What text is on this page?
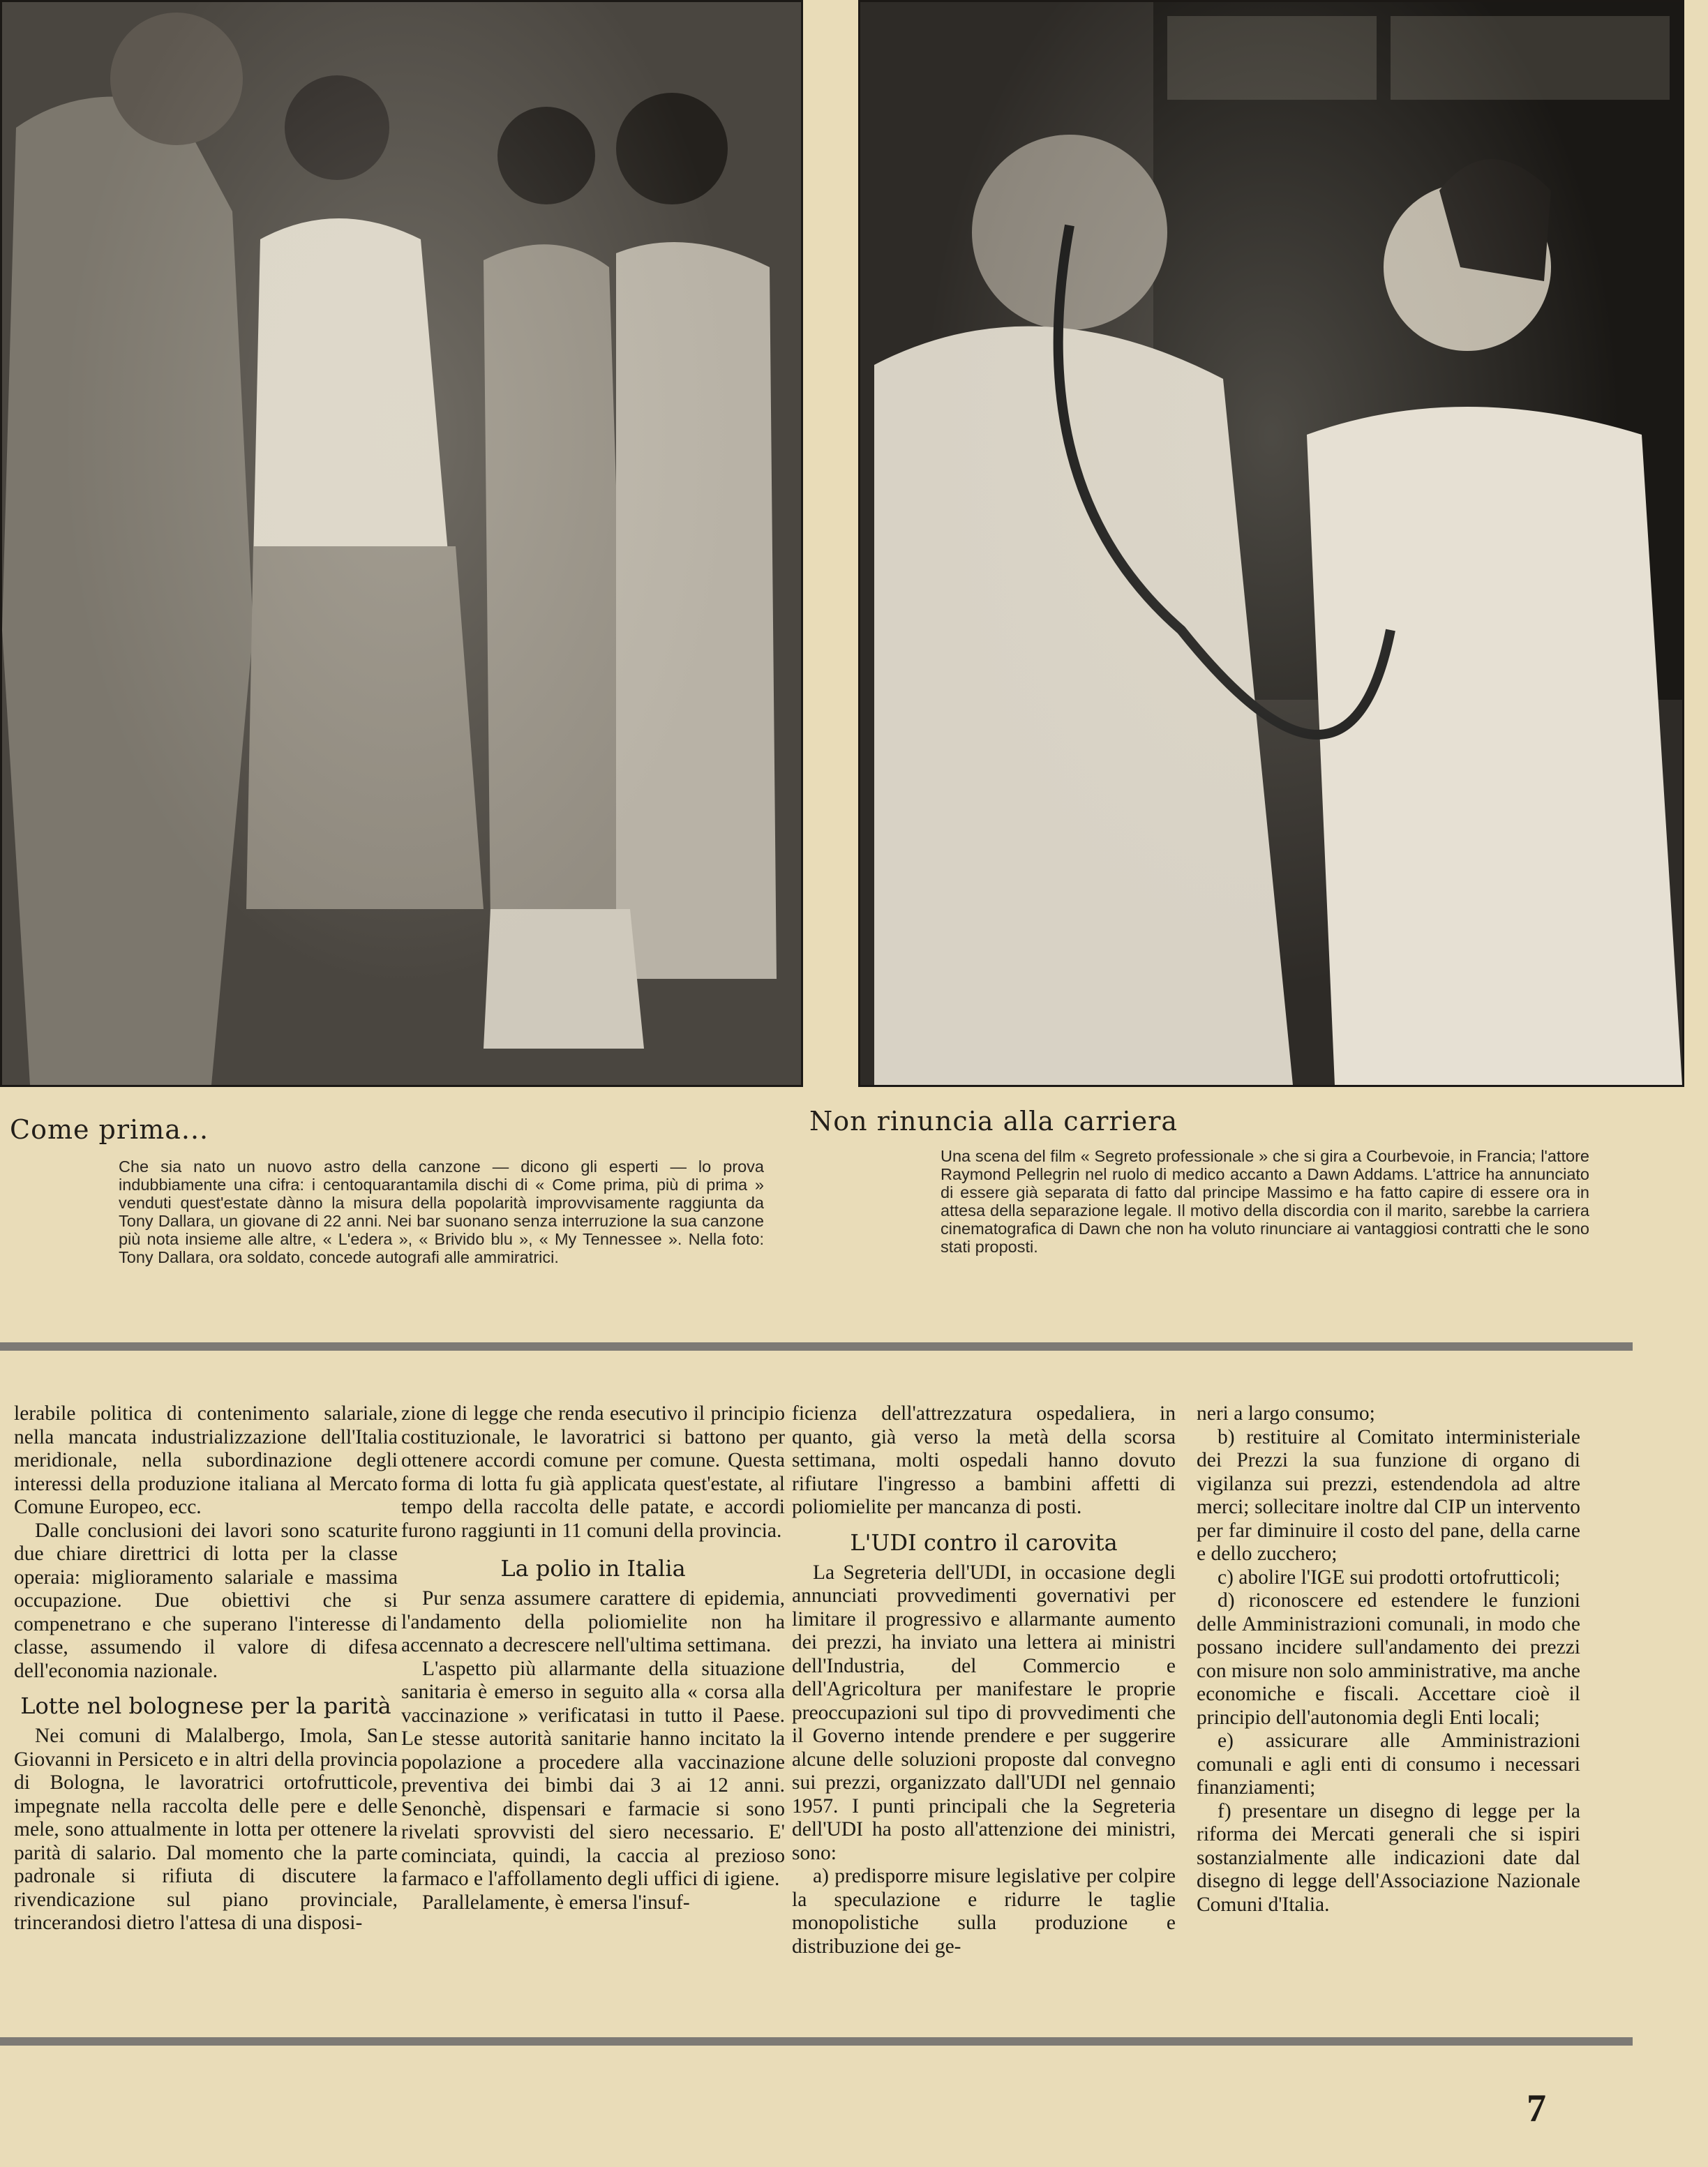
Come prima...
Che sia nato un nuovo astro della canzone — dicono gli esperti — lo prova indubbiamente una cifra: i centoquarantamila dischi di « Come prima, più di prima » venduti quest'estate dànno la misura della popolarità improvvisamente raggiunta da Tony Dallara, un giovane di 22 anni. Nei bar suonano senza interruzione la sua canzone più nota insieme alle altre, « L'edera », « Brivido blu », « My Tennessee ». Nella foto: Tony Dallara, ora soldato, concede autografi alle ammiratrici.
Non rinuncia alla carriera
Una scena del film « Segreto professionale » che si gira a Courbevoie, in Francia; l'attore Raymond Pellegrin nel ruolo di medico accanto a Dawn Addams. L'attrice ha annunciato di essere già separata di fatto dal principe Massimo e ha fatto capire di essere ora in attesa della separazione legale. Il motivo della discordia con il marito, sarebbe la carriera cinematografica di Dawn che non ha voluto rinunciare ai vantaggiosi contratti che le sono stati proposti.

lerabile politica di contenimento salariale, nella mancata industrializzazione dell'Italia meridionale, nella subordinazione degli interessi della produzione italiana al Mercato Comune Europeo, ecc.

Dalle conclusioni dei lavori sono scaturite due chiare direttrici di lotta per la classe operaia: miglioramento salariale e massima occupazione. Due obiettivi che si compenetrano e che superano l'interesse di classe, assumendo il valore di difesa dell'economia nazionale.

Lotte nel bolognese per la parità

Nei comuni di Malalbergo, Imola, San Giovanni in Persiceto e in altri della provincia di Bologna, le lavoratrici ortofrutticole, impegnate nella raccolta delle pere e delle mele, sono attualmente in lotta per ottenere la parità di salario. Dal momento che la parte padronale si rifiuta di discutere la rivendicazione sul piano provinciale, trincerandosi dietro l'attesa di una disposi-

zione di legge che renda esecutivo il principio costituzionale, le lavoratrici si battono per ottenere accordi comune per comune. Questa forma di lotta fu già applicata quest'estate, al tempo della raccolta delle patate, e accordi furono raggiunti in 11 comuni della provincia.

La polio in Italia

Pur senza assumere carattere di epidemia, l'andamento della poliomielite non ha accennato a decrescere nell'ultima settimana.

L'aspetto più allarmante della situazione sanitaria è emerso in seguito alla « corsa alla vaccinazione » verificatasi in tutto il Paese. Le stesse autorità sanitarie hanno incitato la popolazione a procedere alla vaccinazione preventiva dei bimbi dai 3 ai 12 anni. Senonchè, dispensari e farmacie si sono rivelati sprovvisti del siero necessario. E' cominciata, quindi, la caccia al prezioso farmaco e l'affollamento degli uffici di igiene.

Parallelamente, è emersa l'insuf-

ficienza dell'attrezzatura ospedaliera, in quanto, già verso la metà della scorsa settimana, molti ospedali hanno dovuto rifiutare l'ingresso a bambini affetti di poliomielite per mancanza di posti.

L'UDI contro il carovita

La Segreteria dell'UDI, in occasione degli annunciati provvedimenti governativi per limitare il progressivo e allarmante aumento dei prezzi, ha inviato una lettera ai ministri dell'Industria, del Commercio e dell'Agricoltura per manifestare le proprie preoccupazioni sul tipo di provvedimenti che il Governo intende prendere e per suggerire alcune delle soluzioni proposte dal convegno sui prezzi, organizzato dall'UDI nel gennaio 1957. I punti principali che la Segreteria dell'UDI ha posto all'attenzione dei ministri, sono:

a) predisporre misure legislative per colpire la speculazione e ridurre le taglie monopolistiche sulla produzione e distribuzione dei ge-

neri a largo consumo;

b) restituire al Comitato interministeriale dei Prezzi la sua funzione di organo di vigilanza sui prezzi, estendendola ad altre merci; sollecitare inoltre dal CIP un intervento per far diminuire il costo del pane, della carne e dello zucchero;

c) abolire l'IGE sui prodotti ortofrutticoli;

d) riconoscere ed estendere le funzioni delle Amministrazioni comunali, in modo che possano incidere sull'andamento dei prezzi con misure non solo amministrative, ma anche economiche e fiscali. Accettare cioè il principio dell'autonomia degli Enti locali;

e) assicurare alle Amministrazioni comunali e agli enti di consumo i necessari finanziamenti;

f) presentare un disegno di legge per la riforma dei Mercati generali che si ispiri sostanzialmente alle indicazioni date dal disegno di legge dell'Associazione Nazionale Comuni d'Italia.

7
